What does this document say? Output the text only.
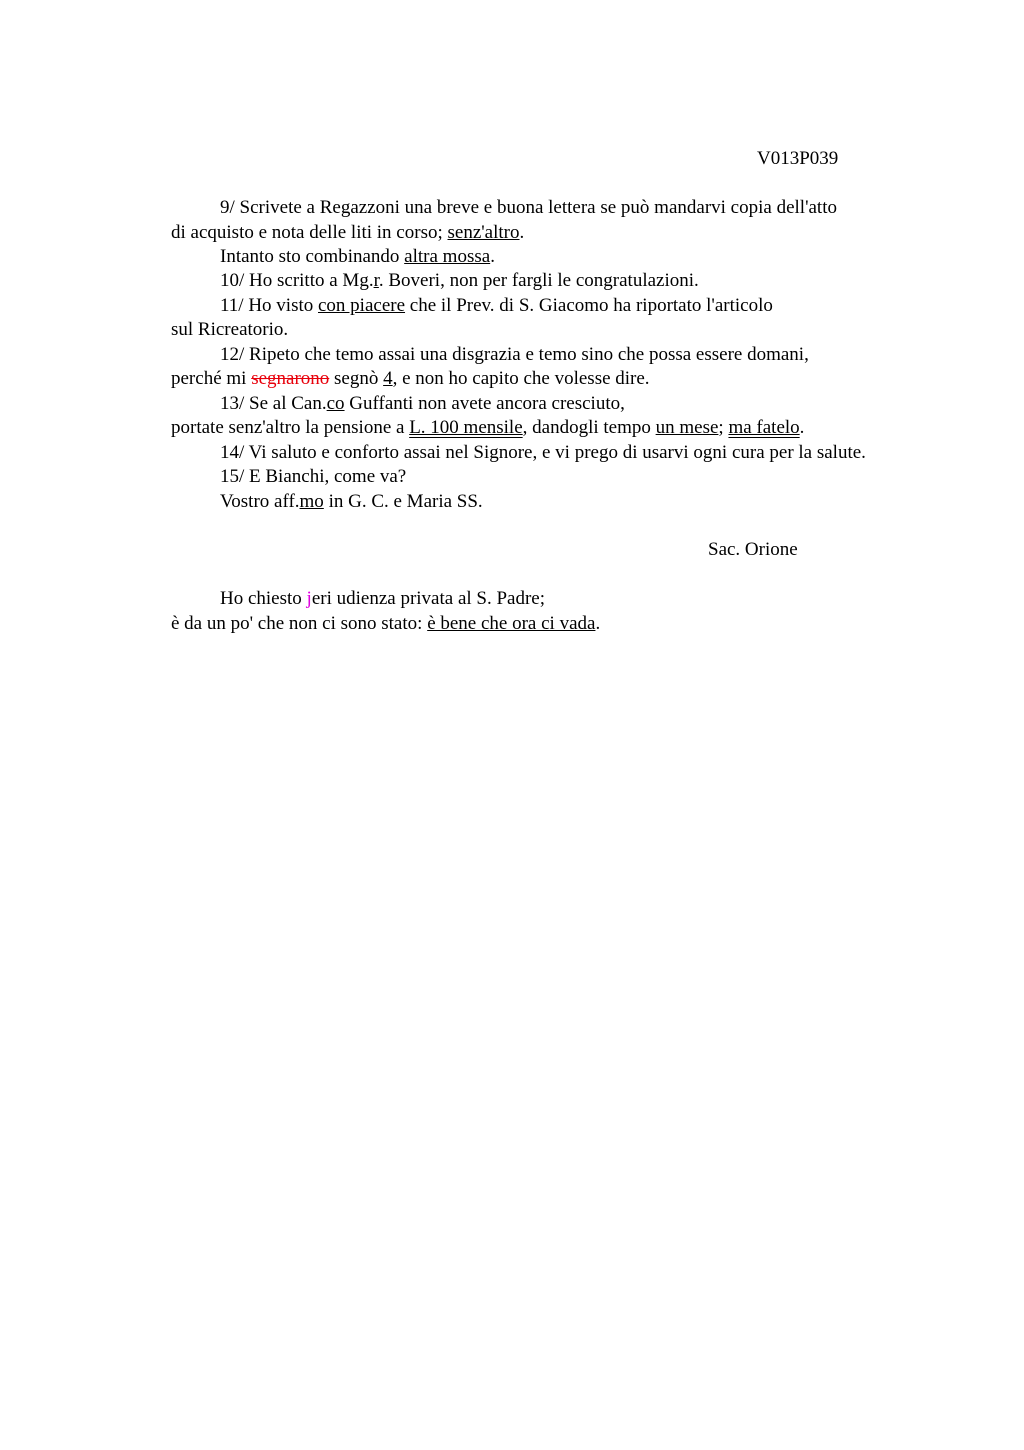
V013P039
9/ Scrivete a Regazzoni una breve e buona lettera se può mandarvi copia dell'atto
di acquisto e nota delle liti in corso; senz'altro.
Intanto sto combinando altra mossa.
10/ Ho scritto a Mg.r. Boveri, non per fargli le congratulazioni.
11/ Ho visto con piacere che il Prev. di S. Giacomo ha riportato l'articolo
sul Ricreatorio.
12/ Ripeto che temo assai una disgrazia e temo sino che possa essere domani,
perché mi segnarono segnò 4, e non ho capito che volesse dire.
13/ Se al Can.co Guffanti non avete ancora cresciuto,
portate senz'altro la pensione a L. 100 mensile, dandogli tempo un mese; ma fatelo.
14/ Vi saluto e conforto assai nel Signore, e vi prego di usarvi ogni cura per la salute.
15/ E Bianchi, come va?
Vostro aff.mo in G. C. e Maria SS.
Sac. Orione
Ho chiesto jeri udienza privata al S. Padre;
è da un po' che non ci sono stato: è bene che ora ci vada.
